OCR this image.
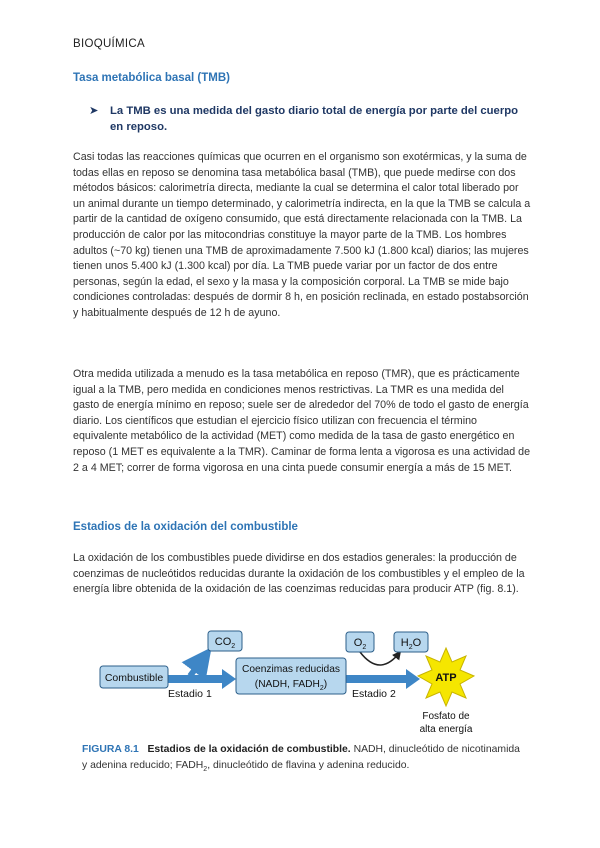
BIOQUÍMICA
Tasa metabólica basal (TMB)
➤	La TMB es una medida del gasto diario total de energía por parte del cuerpo en reposo.
Casi todas las reacciones químicas que ocurren en el organismo son exotérmicas, y la suma de todas ellas en reposo se denomina tasa metabólica basal (TMB), que puede medirse con dos métodos básicos: calorimetría directa, mediante la cual se determina el calor total liberado por un animal durante un tiempo determinado, y calorimetría indirecta, en la que la TMB se calcula a partir de la cantidad de oxígeno consumido, que está directamente relacionada con la TMB. La producción de calor por las mitocondrias constituye la mayor parte de la TMB. Los hombres adultos (~70 kg) tienen una TMB de aproximadamente 7.500 kJ (1.800 kcal) diarios; las mujeres tienen unos 5.400 kJ (1.300 kcal) por día. La TMB puede variar por un factor de dos entre personas, según la edad, el sexo y la masa y la composición corporal. La TMB se mide bajo condiciones controladas: después de dormir 8 h, en posición reclinada, en estado postabsorción y habitualmente después de 12 h de ayuno.
Otra medida utilizada a menudo es la tasa metabólica en reposo (TMR), que es prácticamente igual a la TMB, pero medida en condiciones menos restrictivas. La TMR es una medida del gasto de energía mínimo en reposo; suele ser de alrededor del 70% de todo el gasto de energía diario. Los científicos que estudian el ejercicio físico utilizan con frecuencia el término equivalente metabólico de la actividad (MET) como medida de la tasa de gasto energético en reposo (1 MET es equivalente a la TMR). Caminar de forma lenta a vigorosa es una actividad de 2 a 4 MET; correr de forma vigorosa en una cinta puede consumir energía a más de 15 MET.
Estadios de la oxidación del combustible
La oxidación de los combustibles puede dividirse en dos estadios generales: la producción de coenzimas de nucleótidos reducidas durante la oxidación de los combustibles y el empleo de la energía libre obtenida de la oxidación de las coenzimas reducidas para producir ATP (fig. 8.1).
Combustible
$CO_2$
Coenzimas reducidas
(NADH, $FADH_2$)
$O_2$	$H_2O$
ATP
Estadio 1	Estadio 2
Fosfato de
alta energía
FIGURA 8.1 Estadios de la oxidación de combustible. NADH, dinucleótido de nicotinamida y adenina reducido; $FADH_2$, dinucleótido de flavina y adenina reducido.
